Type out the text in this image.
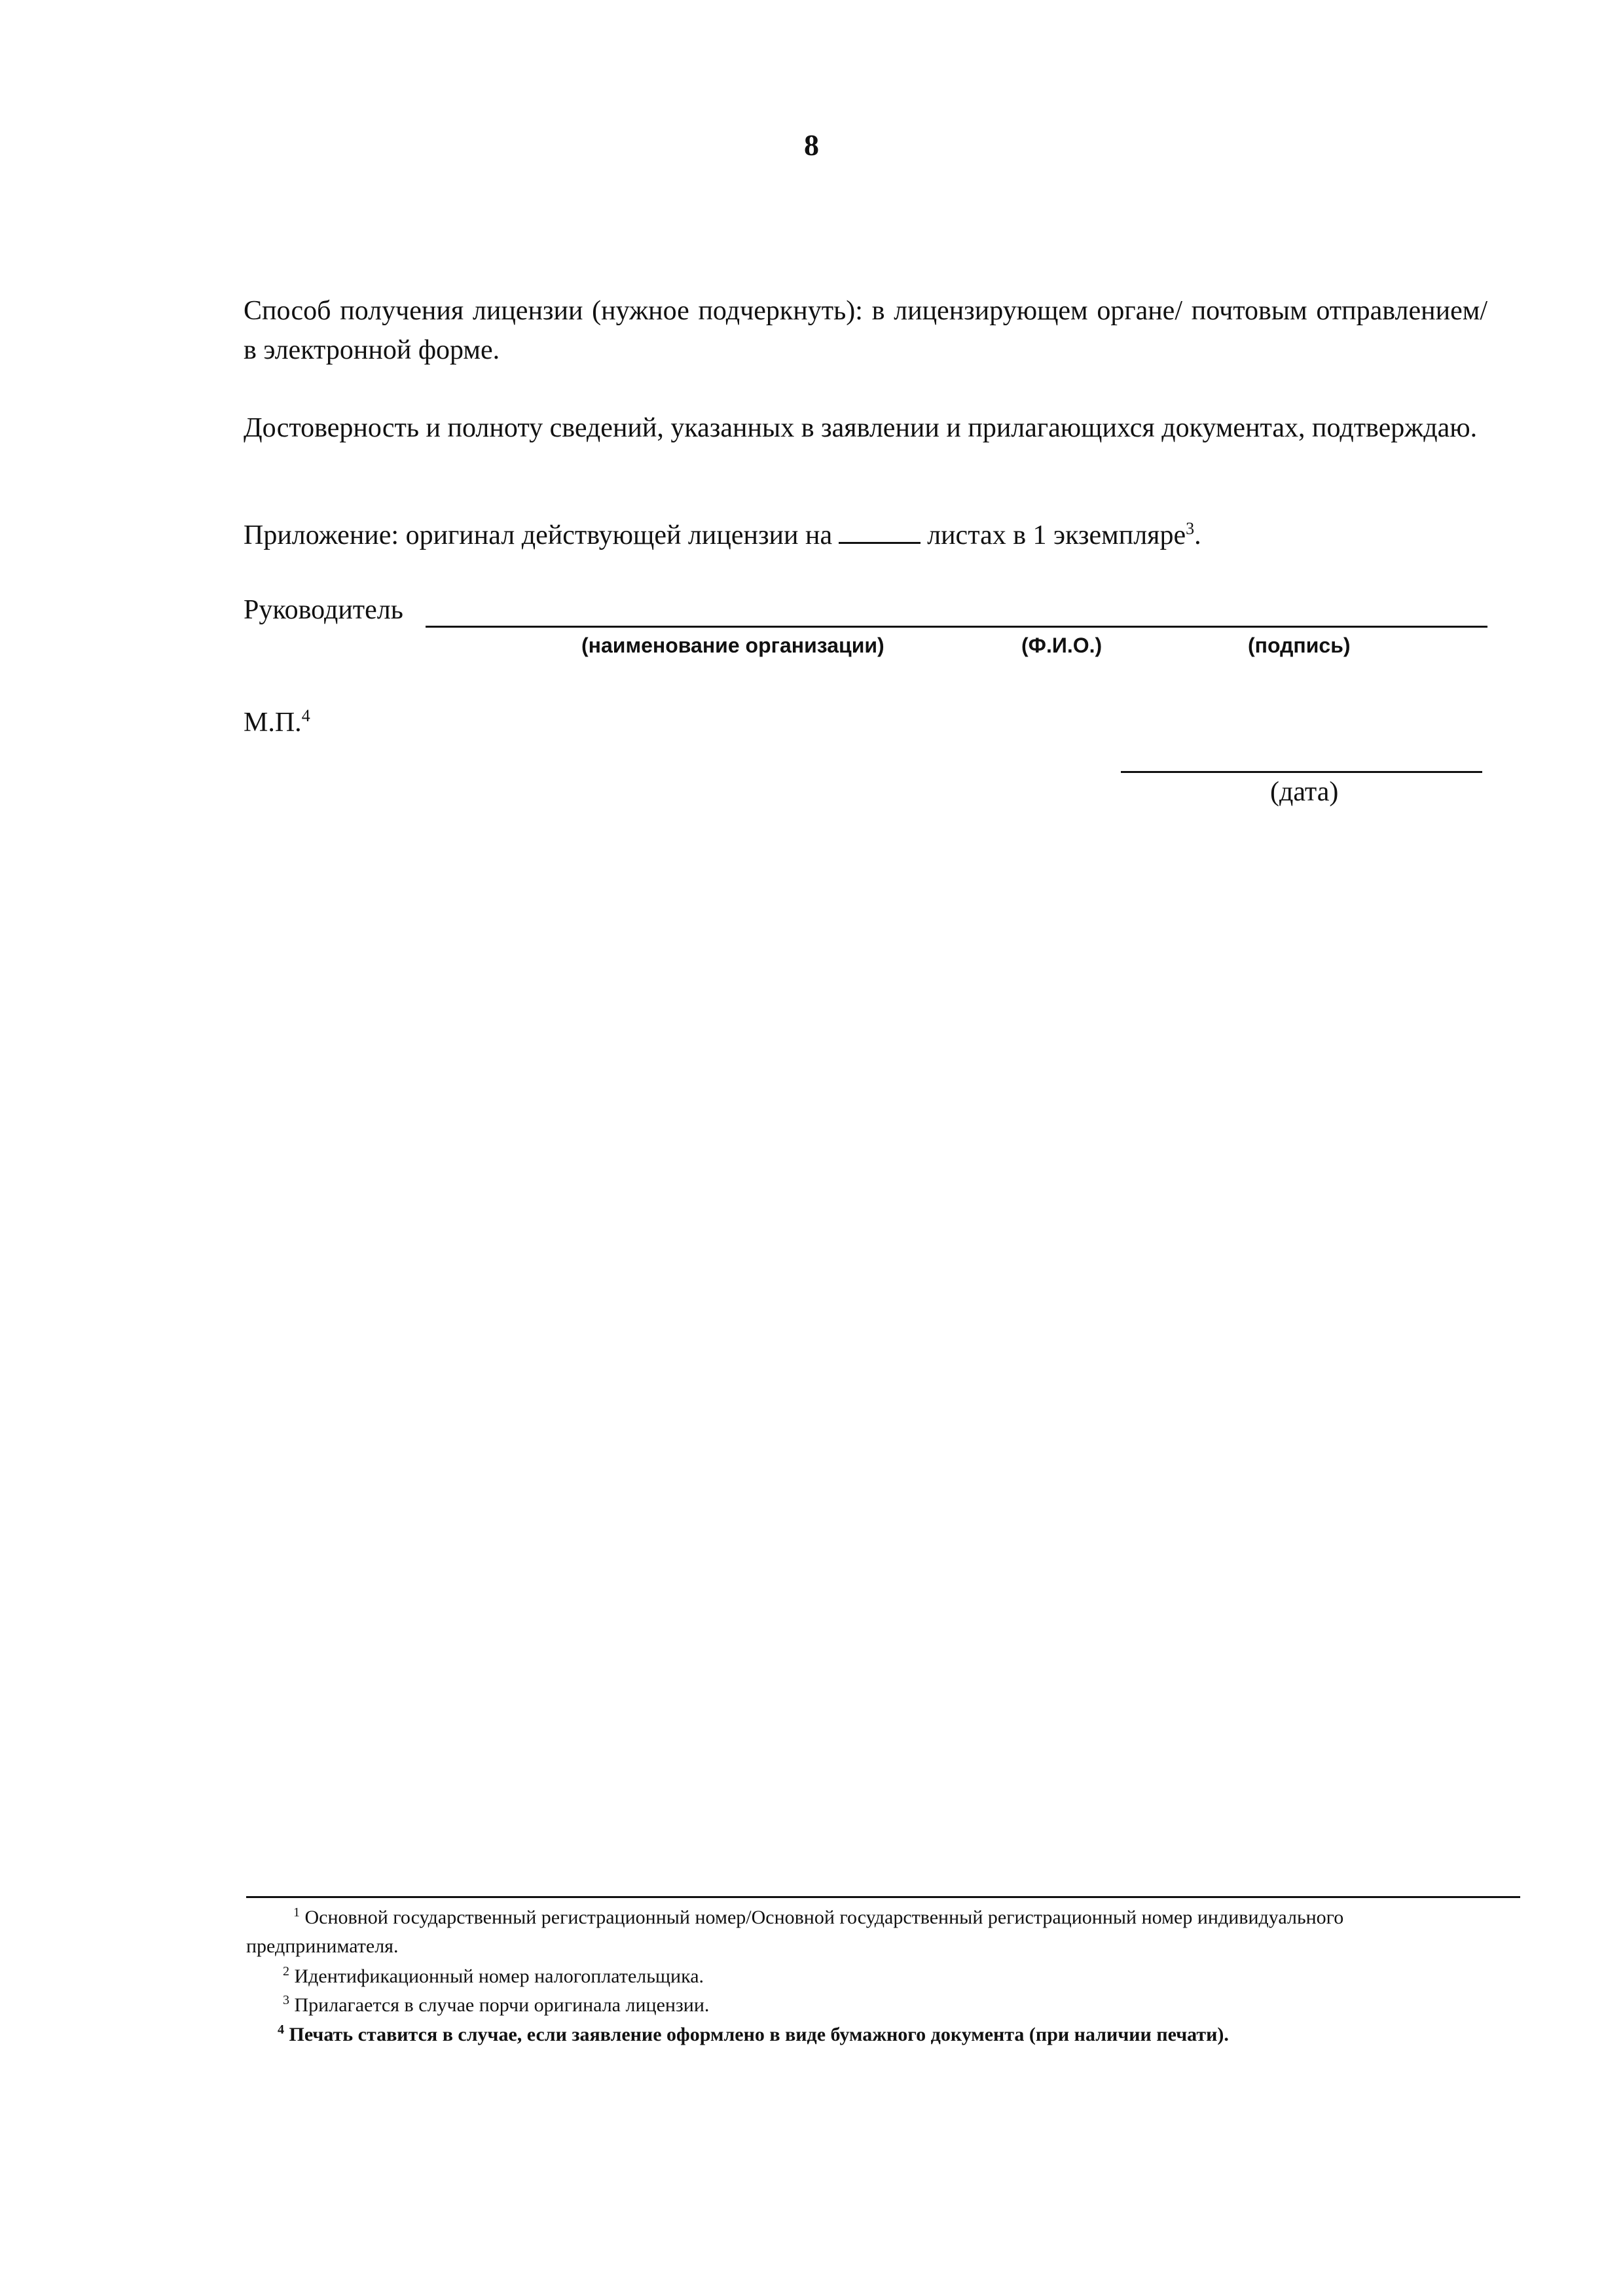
8
Способ получения лицензии (нужное подчеркнуть): в лицензирующем органе/ почтовым отправлением/ в электронной форме.
Достоверность и полноту сведений, указанных в заявлении и прилагающихся документах, подтверждаю.
Приложение: оригинал действующей лицензии на	листах в 1 экземпляре$^3$.
Руководитель
(наименование организации)	(Ф.И.О.)	(подпись)
М.П.$^4$
(дата)
$^1$ Основной государственный регистрационный номер/Основной государственный регистрационный номер индивидуального предпринимателя.
$^2$ Идентификационный номер налогоплательщика.
$^3$ Прилагается в случае порчи оригинала лицензии.
$^4$ Печать ставится в случае, если заявление оформлено в виде бумажного документа (при наличии печати).
